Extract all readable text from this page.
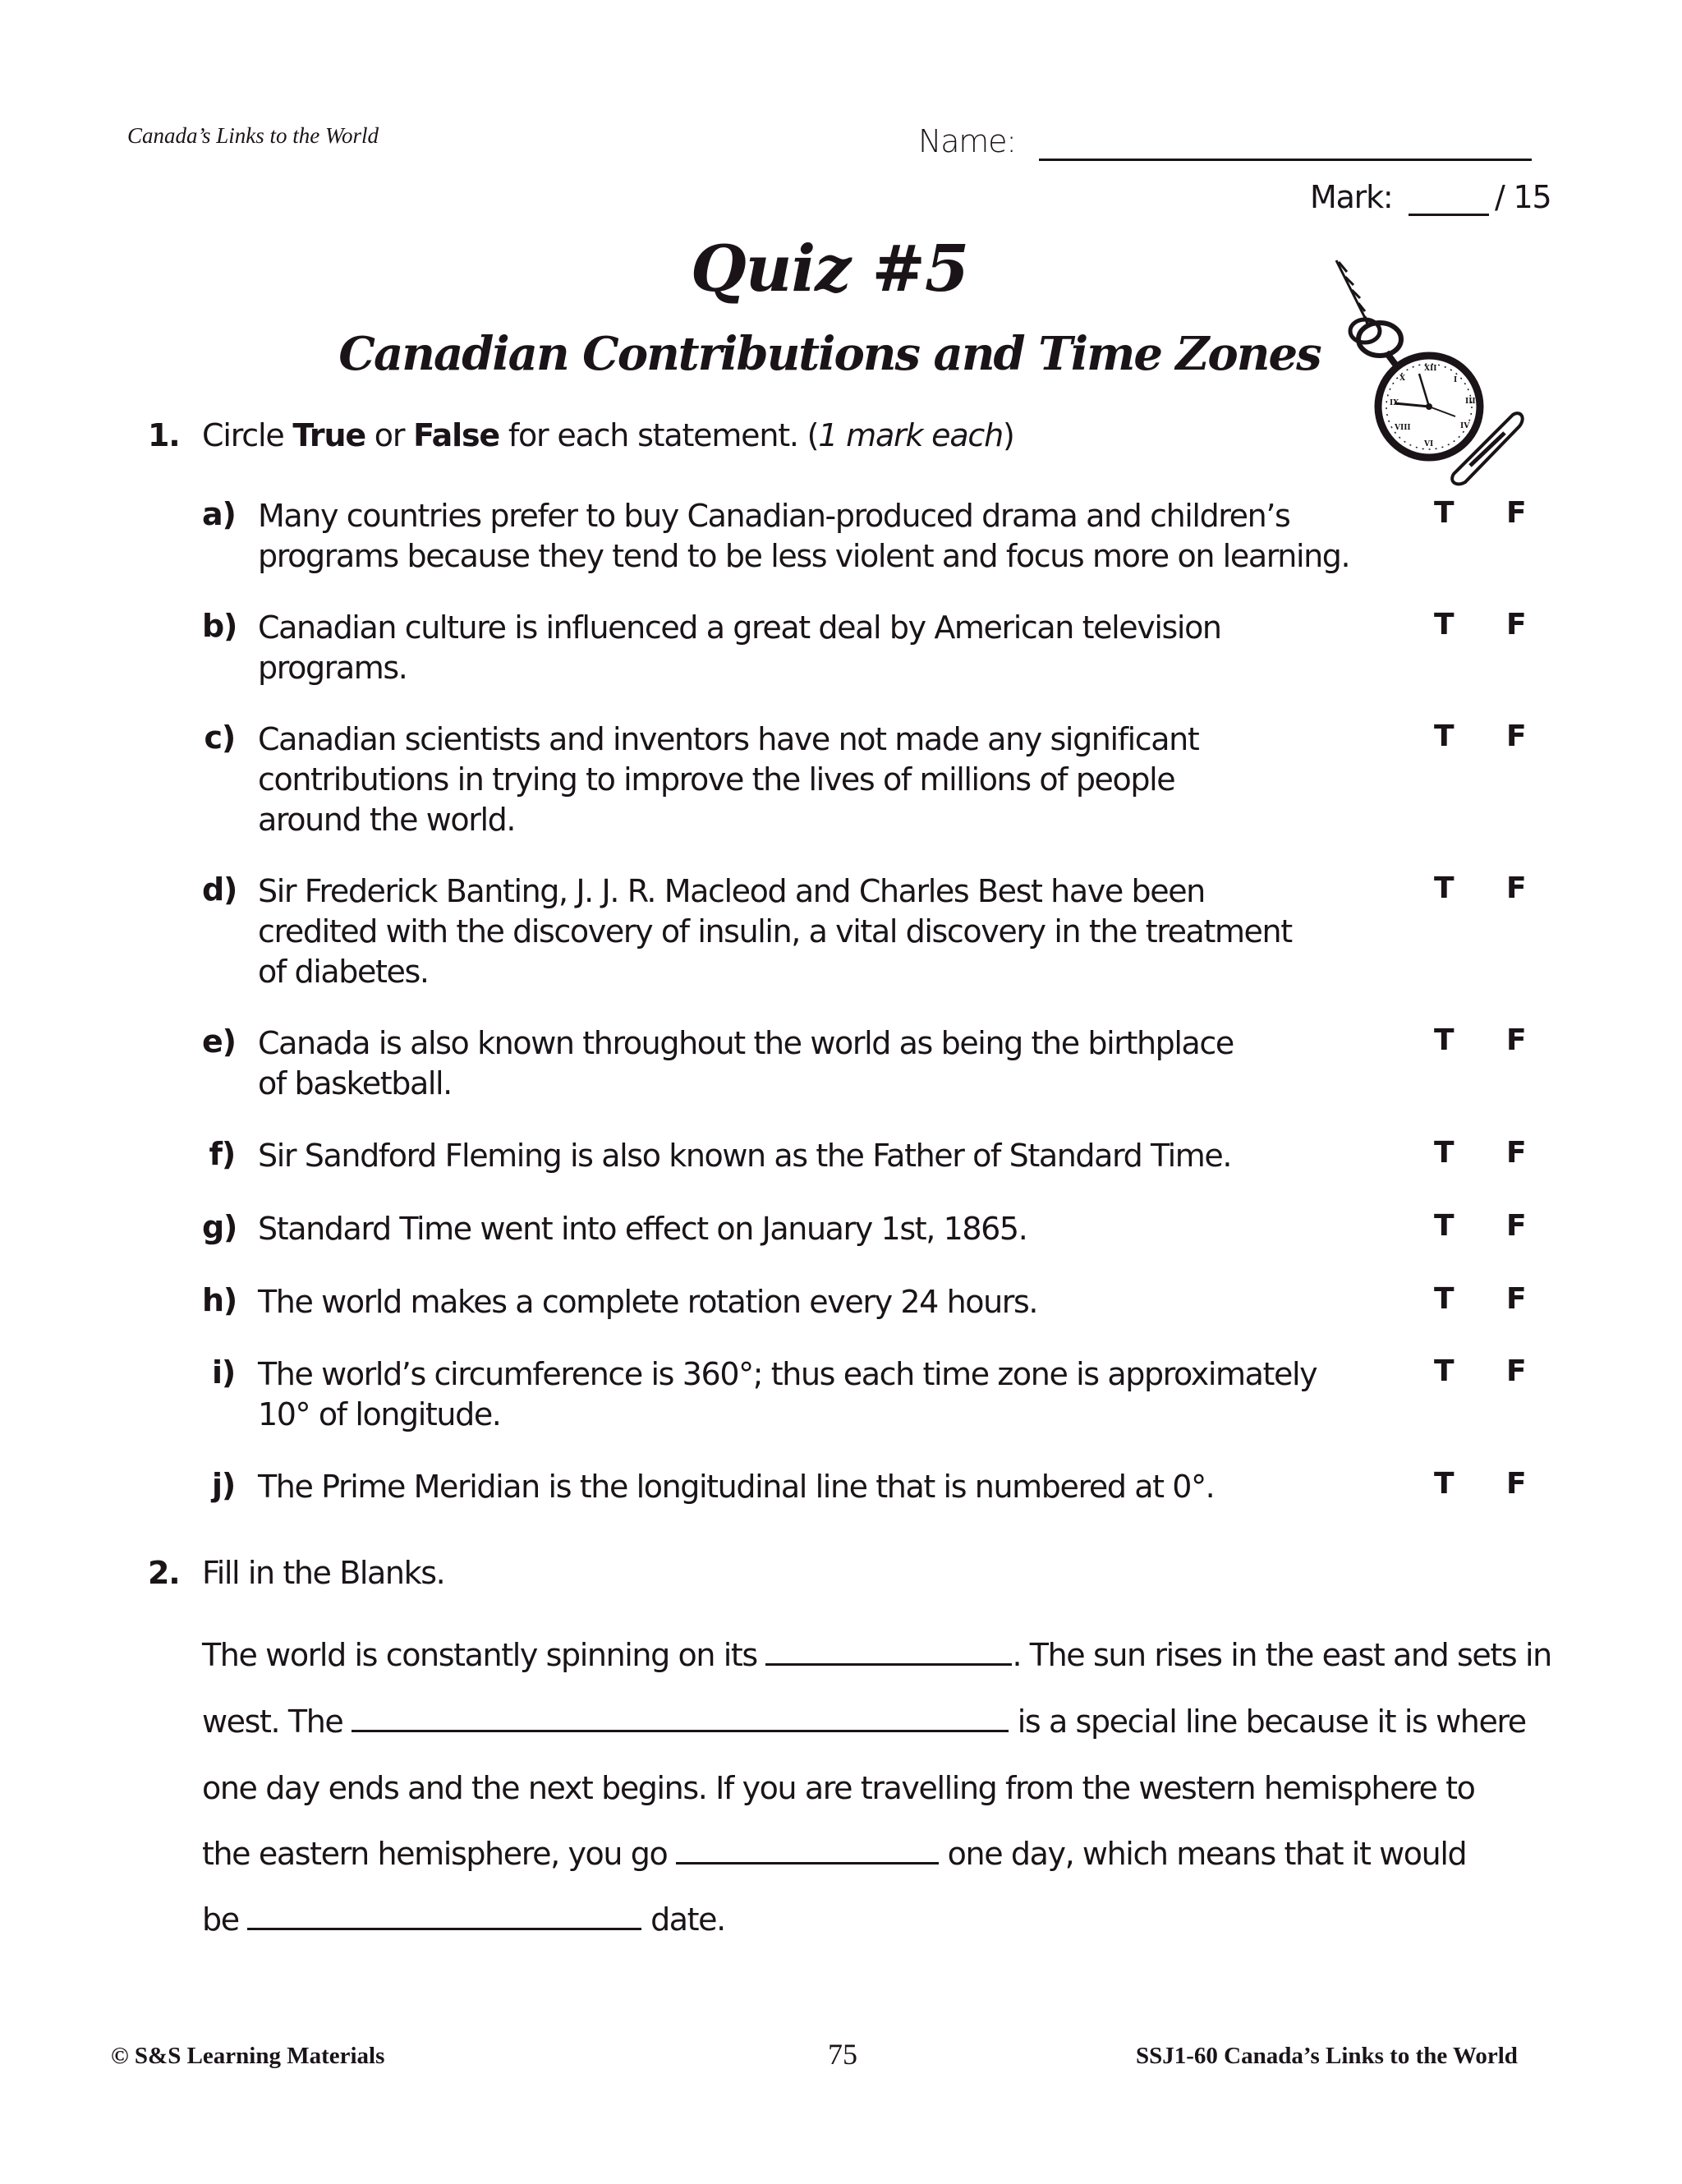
Canada’s Links to the World	Name:
Mark:	/ 15
Quiz #5
Canadian Contributions and Time Zones	XII
I
III
IV
VI
VIII
IX
X
1. Circle True or False for each statement. (1 mark each)
a) Many countries prefer to buy Canadian-produced drama and children’s
programs because they tend to be less violent and focus more on learning.
T F
b) Canadian culture is influenced a great deal by American television
programs.
T F
c) Canadian scientists and inventors have not made any significant
contributions in trying to improve the lives of millions of people
around the world.
T F
d) Sir Frederick Banting, J. J. R. Macleod and Charles Best have been
credited with the discovery of insulin, a vital discovery in the treatment
of diabetes.
T F
e) Canada is also known throughout the world as being the birthplace
of basketball.
T F
f) Sir Sandford Fleming is also known as the Father of Standard Time.	T F
g) Standard Time went into effect on January 1st, 1865.	T F
h) The world makes a complete rotation every 24 hours.	T F
i) The world’s circumference is 360°; thus each time zone is approximately
10° of longitude.
T F
j) The Prime Meridian is the longitudinal line that is numbered at 0°.	T F
2. Fill in the Blanks.
The world is constantly spinning on its	. The sun rises in the east and sets in
west. The	is a special line because it is where
one day ends and the next begins. If you are travelling from the western hemisphere to
the eastern hemisphere, you go	one day, which means that it would
be	date.
© S&S Learning Materials	75	SSJ1-60 Canada’s Links to the World
